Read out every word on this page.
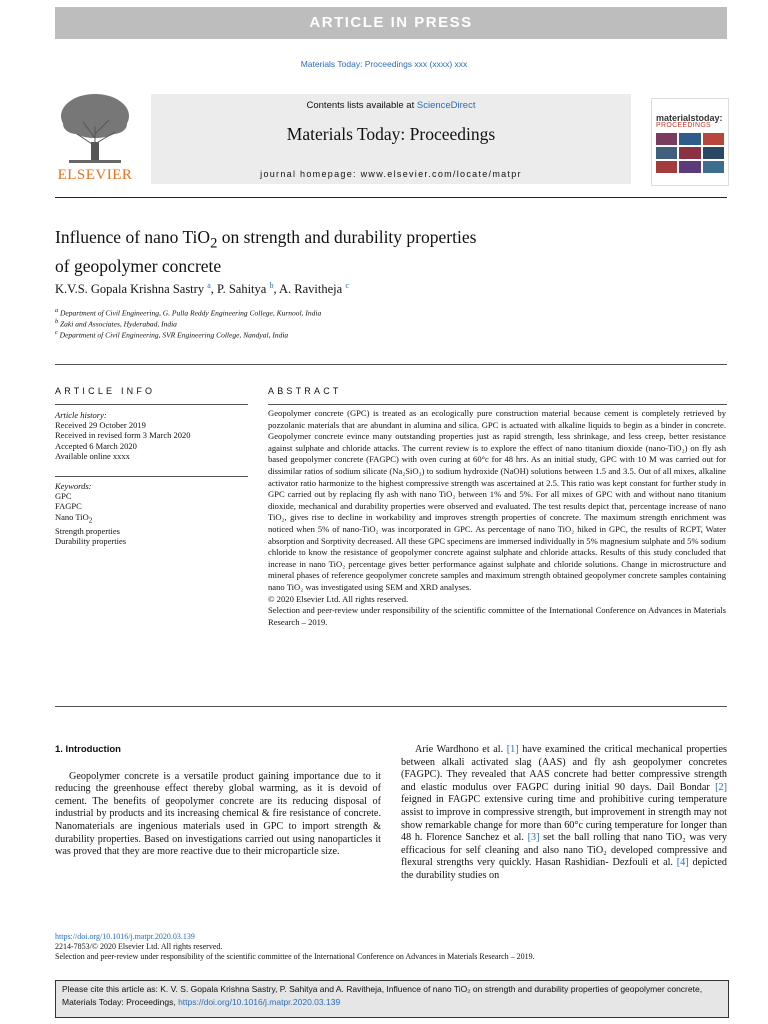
ARTICLE IN PRESS
Materials Today: Proceedings xxx (xxxx) xxx
ELSEVIER
Contents lists available at ScienceDirect
Materials Today: Proceedings
journal homepage: www.elsevier.com/locate/matpr
materialstoday:
PROCEEDINGS
Influence of nano TiO$_2$ on strength and durability properties
of geopolymer concrete
K.V.S. Gopala Krishna Sastry $^a$, P. Sahitya $^b$, A. Ravitheja $^c$
$^a$ Department of Civil Engineering, G. Pulla Reddy Engineering College, Kurnool, India
$^b$ Zaki and Associates, Hyderabad, India
$^c$ Department of Civil Engineering, SVR Engineering College, Nandyal, India
ARTICLE INFO	ABSTRACT
Article history:
Received 29 October 2019
Received in revised form 3 March 2020
Accepted 6 March 2020
Available online xxxx
Keywords:
GPC
FAGPC
Nano TiO$_2$
Strength properties
Durability properties
Geopolymer concrete (GPC) is treated as an ecologically pure construction material because cement is completely retrieved by pozzolanic materials that are abundant in alumina and silica. GPC is actuated with alkaline liquids to begin as a binder in concrete. Geopolymer concrete evince many outstanding properties just as rapid strength, less shrinkage, and less creep, better resistance against sulphate and chloride attacks. The current review is to explore the effect of nano titanium dioxide (nano-TiO₂) on fly ash based geopolymer concrete (FAGPC) with oven curing at 60°c for 48 hrs. As an initial study, GPC with 10 M was carried out for dissimilar ratios of sodium silicate (Na₂SiO₃) to sodium hydroxide (NaOH) solutions between 1.5 and 3.5. Out of all mixes, alkaline activator ratio harmonize to the highest compressive strength was ascertained at 2.5. This ratio was kept constant for further study in GPC carried out by replacing fly ash with nano TiO₂ between 1% and 5%. For all mixes of GPC with and without nano titanium dioxide, mechanical and durability properties were observed and evaluated. The test results depict that, percentage increase of nano TiO₂, gives rise to decline in workability and improves strength properties of concrete. The maximum strength enrichment was noticed when 5% of nano-TiO₂ was incorporated in GPC. As percentage of nano TiO₂ hiked in GPC, the results of RCPT, Water absorption and Sorptivity decreased. All these GPC specimens are immersed individually in 5% magnesium sulphate and 5% sodium chloride to know the resistance of geopolymer concrete against sulphate and chloride attacks. Results of this study concluded that increase in nano TiO₂ percentage gives better performance against sulphate and chloride solutions. Change in microstructure and mineral phases of reference geopolymer concrete samples and maximum strength obtained geopolymer concrete samples containing nano TiO₂ was investigated using SEM and XRD analyses.
© 2020 Elsevier Ltd. All rights reserved.
Selection and peer-review under responsibility of the scientific committee of the International Conference on Advances in Materials Research – 2019.

1. Introduction

Geopolymer concrete is a versatile product gaining importance due to it reducing the greenhouse effect thereby global warming, as it is devoid of cement. The benefits of geopolymer concrete are its reducing disposal of industrial by products and its increasing chemical & fire resistance of concrete. Nanomaterials are ingenious materials used in GPC to import strength & durability properties. Based on investigations carried out using nanoparticles it was proved that they are more reactive due to their microparticle size.

Arie Wardhono et al. [1] have examined the critical mechanical properties between alkali activated slag (AAS) and fly ash geopolymer concretes (FAGPC). They revealed that AAS concrete had better compressive strength and elastic modulus over FAGPC during initial 90 days. Dail Bondar [2] feigned in FAGPC extensive curing time and prohibitive curing temperature assist to improve in compressive strength, but improvement in strength may not show remarkable change for more than 60°c curing temperature for longer than 48 h. Florence Sanchez et al. [3] set the ball rolling that nano TiO₂ was very efficacious for self cleaning and also nano TiO₂ developed compressive and flexural strengths very quickly. Hasan Rashidian- Dezfouli et al. [4] depicted the durability studies on
https://doi.org/10.1016/j.matpr.2020.03.139
2214-7853/© 2020 Elsevier Ltd. All rights reserved.
Selection and peer-review under responsibility of the scientific committee of the International Conference on Advances in Materials Research – 2019.
Please cite this article as: K. V. S. Gopala Krishna Sastry, P. Sahitya and A. Ravitheja, Influence of nano TiO₂ on strength and durability properties of geopolymer concrete, Materials Today: Proceedings, https://doi.org/10.1016/j.matpr.2020.03.139
